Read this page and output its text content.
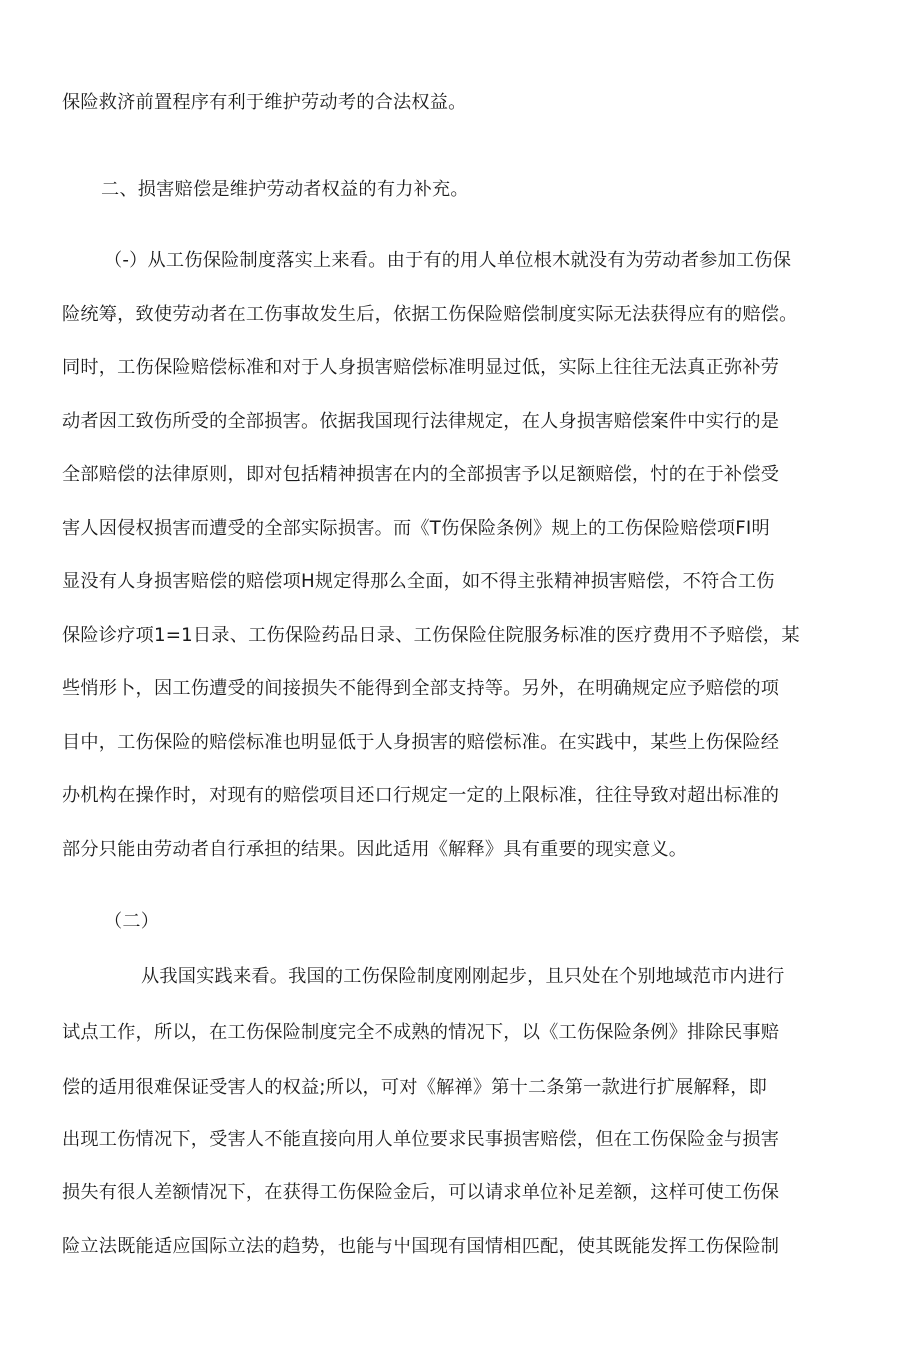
保险救济前置程序有利于维护劳动考的合法权益。
二、损害赔偿是维护劳动者权益的有力补充。
（-）从工伤保险制度落实上来看。由于有的用人单位根木就没有为劳动者参加工伤保
险统筹，致使劳动者在工伤事故发生后，依据工伤保险赔偿制度实际无法获得应有的赔偿。
同时，工伤保险赔偿标准和对于人身损害赔偿标准明显过低，实际上往往无法真正弥补劳
动者因工致伤所受的全部损害。依据我国现行法律规定，在人身损害赔偿案件中实行的是
全部赔偿的法律原则，即对包括精神损害在内的全部损害予以足额赔偿，忖的在于补偿受
害人因侵权损害而遭受的全部实际损害。而《T伤保险条例》规上的工伤保险赔偿项FI明
显没有人身损害赔偿的赔偿项H规定得那么全面，如不得主张精神损害赔偿，不符合工伤
保险诊疗项1=1日录、工伤保险药品日录、工伤保险住院服务标准的医疗费用不予赔偿，某
些悄形卜，因工伤遭受的间接损失不能得到全部支持等。另外，在明确规定应予赔偿的项
目中，工伤保险的赔偿标准也明显低于人身损害的赔偿标准。在实践中，某些上伤保险经
办机构在操作时，对现有的赔偿项目还口行规定一定的上限标准，往往导致对超出标准的
部分只能由劳动者自行承担的结果。因此适用《解释》具有重要的现实意义。
（二）
从我国实践来看。我国的工伤保险制度刚刚起步，且只处在个别地域范市内进行
试点工作，所以，在工伤保险制度完全不成熟的情况下，以《工伤保险条例》排除民事赔
偿的适用很难保证受害人的权益;所以，可对《解禅》第十二条第一款进行扩展解释，即
出现工伤情况下，受害人不能直接向用人单位要求民事损害赔偿，但在工伤保险金与损害
损失有很人差额情况下，在获得工伤保险金后，可以请求单位补足差额，这样可使工伤保
险立法既能适应国际立法的趋势，也能与屮国现有国情相匹配，使其既能发挥工伤保险制
